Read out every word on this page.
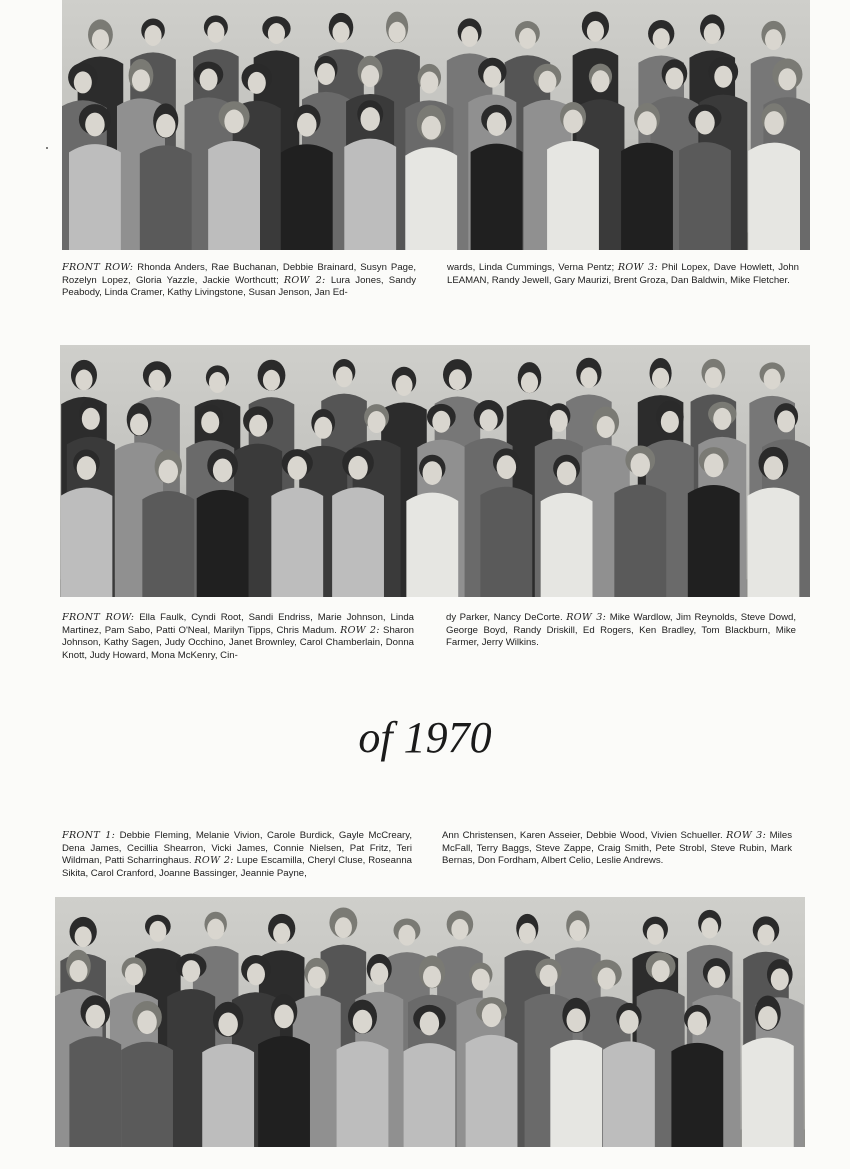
FRONT ROW: Rhonda Anders, Rae Buchanan, Debbie Brainard, Susyn Page, Rozelyn Lopez, Gloria Yazzle, Jackie Worthcutt; ROW 2: Lura Jones, Sandy Peabody, Linda Cramer, Kathy Livingstone, Susan Jenson, Jan Ed-
wards, Linda Cummings, Verna Pentz; ROW 3: Phil Lopex, Dave Howlett, John LEAMAN, Randy Jewell, Gary Maurizi, Brent Groza, Dan Baldwin, Mike Fletcher.
FRONT ROW: Ella Faulk, Cyndi Root, Sandi Endriss, Marie Johnson, Linda Martinez, Pam Sabo, Patti O'Neal, Marilyn Tipps, Chris Madum. ROW 2: Sharon Johnson, Kathy Sagen, Judy Occhino, Janet Brownley, Carol Chamberlain, Donna Knott, Judy Howard, Mona McKenry, Cin-
dy Parker, Nancy DeCorte. ROW 3: Mike Wardlow, Jim Reynolds, Steve Dowd, George Boyd, Randy Driskill, Ed Rogers, Ken Bradley, Tom Blackburn, Mike Farmer, Jerry Wilkins.
of 1970
FRONT 1: Debbie Fleming, Melanie Vivion, Carole Burdick, Gayle McCreary, Dena James, Cecillia Shearron, Vicki James, Connie Nielsen, Pat Fritz, Teri Wildman, Patti Scharringhaus. ROW 2: Lupe Escamilla, Cheryl Cluse, Roseanna Sikita, Carol Cranford, Joanne Bassinger, Jeannie Payne,
Ann Christensen, Karen Asseier, Debbie Wood, Vivien Schueller. ROW 3: Miles McFall, Terry Baggs, Steve Zappe, Craig Smith, Pete Strobl, Steve Rubin, Mark Bernas, Don Fordham, Albert Celio, Leslie Andrews.
